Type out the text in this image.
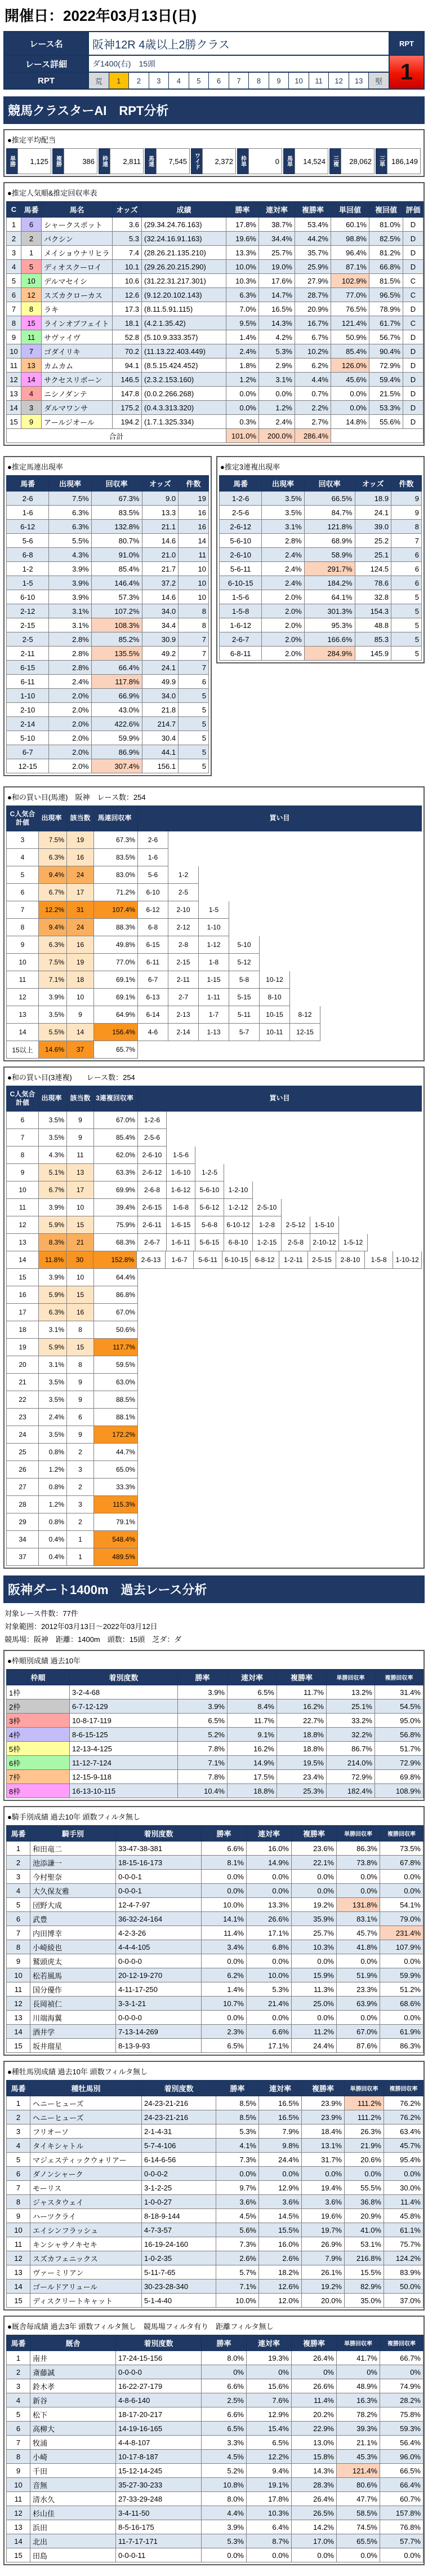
開催日：2022年03月13日(日)
レース名	阪神12R 4歳以上2勝クラス	RPT
レース詳細	ダ1400(右)　15頭	1
RPT	荒	1	2	3	4	5	6	7	8	9	10	11	12	13	堅
競馬クラスターAI　RPT分析
●推定平均配当
単勝	1,125	複勝	386	枠連	2,811	馬連	7,545	ワイド	2,372	枠単	0	馬単	14,524	三複	28,062	三単 186,149
●推定人気順&推定回収率表
C	馬番	馬名	オッズ	成績	勝率	連対率	複勝率	単回値	複回値	評価
1	6	シャークスポット	3.6	(29.34.24.76.163)	17.8%	38.7%	53.4%	60.1%	81.0%	D
2	2	バクシン	5.3	(32.24.16.91.163)	19.6%	34.4%	44.2%	98.8%	82.5%	D
3	1	メイショウナリヒラ	7.4	(28.26.21.135.210)	13.3%	25.7%	35.7%	96.4%	81.2%	D
4	5	ディオスクーロイ	10.1	(29.26.20.215.290)	10.0%	19.0%	25.9%	87.1%	66.8%	D
5	10	デルマセイシ	10.6	(31.22.31.217.301)	10.3%	17.6%	27.9%	102.9%	81.5%	C
6	12	スズカクローカス	12.6	(9.12.20.102.143)	6.3%	14.7%	28.7%	77.0%	96.5%	C
7	8	ラキ	17.3	(8.11.5.91.115)	7.0%	16.5%	20.9%	76.5%	78.9%	D
8	15	ラインオブフェイト	18.1	(4.2.1.35.42)	9.5%	14.3%	16.7%	121.4%	61.7%	C
9	11	サヴァイヴ	52.8	(5.10.9.333.357)	1.4%	4.2%	6.7%	50.9%	56.7%	D
10	7	ゴダイリキ	70.2	(11.13.22.403.449)	2.4%	5.3%	10.2%	85.4%	90.4%	D
11	13	カムカム	94.1	(8.5.15.424.452)	1.8%	2.9%	6.2%	126.0%	72.9%	D
12	14	サクセスリボーン	146.5	(2.3.2.153.160)	1.2%	3.1%	4.4%	45.6%	59.4%	D
13	4	ニシノダンテ	147.8	(0.0.2.266.268)	0.0%	0.0%	0.7%	0.0%	21.5%	D
14	3	ダルマワンサ	175.2	(0.4.3.313.320)	0.0%	1.2%	2.2%	0.0%	53.3%	D
15	9	アールジオール	194.2	(1.7.1.325.334)	0.3%	2.4%	2.7%	14.8%	55.6%	D
合計					101.0%	200.0%	286.4%			
●推定馬連出現率
馬番	出現率	回収率	オッズ	件数
2-6	7.5%	67.3%	9.0	19
1-6	6.3%	83.5%	13.3	16
6-12	6.3%	132.8%	21.1	16
5-6	5.5%	80.7%	14.6	14
6-8	4.3%	91.0%	21.0	11
1-2	3.9%	85.4%	21.7	10
1-5	3.9%	146.4%	37.2	10
6-10	3.9%	57.3%	14.6	10
2-12	3.1%	107.2%	34.0	8
2-15	3.1%	108.3%	34.4	8
2-5	2.8%	85.2%	30.9	7
2-11	2.8%	135.5%	49.2	7
6-15	2.8%	66.4%	24.1	7
6-11	2.4%	117.8%	49.9	6
1-10	2.0%	66.9%	34.0	5
2-10	2.0%	43.0%	21.8	5
2-14	2.0%	422.6%	214.7	5
5-10	2.0%	59.9%	30.4	5
6-7	2.0%	86.9%	44.1	5
12-15	2.0%	307.4%	156.1	5
●推定3連複出現率
馬番	出現率	回収率	オッズ	件数
1-2-6	3.5%	66.5%	18.9	9
2-5-6	3.5%	84.7%	24.1	9
2-6-12	3.1%	121.8%	39.0	8
5-6-10	2.8%	68.9%	25.2	7
2-6-10	2.4%	58.9%	25.1	6
5-6-11	2.4%	291.7%	124.5	6
6-10-15	2.4%	184.2%	78.6	6
1-5-6	2.0%	64.1%	32.8	5
1-5-8	2.0%	301.3%	154.3	5
1-6-12	2.0%	95.3%	48.8	5
2-6-7	2.0%	166.6%	85.3	5
6-8-11	2.0%	284.9%	145.9	5
●和の買い目(馬連)　阪神　レース数：254
C人気合計値
出現率	該当数	馬連回収率	買い目
3	7.5%	19	67.3%	2-6
4	6.3%	16	83.5%	1-6
5	9.4%	24	83.0%	5-6	1-2
6	6.7%	17	71.2%	6-10	2-5
7	12.2%	31	107.4%	6-12	2-10	1-5
8	9.4%	24	88.3%	6-8	2-12	1-10
9	6.3%	16	49.8%	6-15	2-8	1-12	5-10
10	7.5%	19	77.0%	6-11	2-15	1-8	5-12
11	7.1%	18	69.1%	6-7	2-11	1-15	5-8	10-12
12	3.9%	10	69.1%	6-13	2-7	1-11	5-15	8-10
13	3.5%	9	64.9%	6-14	2-13	1-7	5-11	10-15	8-12
14	5.5%	14	156.4%	4-6	2-14	1-13	5-7	10-11	12-15
15以上	14.6%	37	65.7%
●和の買い目(3連複)　　レース数：254
C人気合計値
出現率	該当数 3連複回収率	買い目
6	3.5%	9	67.0%	1-2-6
7	3.5%	9	85.4%	2-5-6
8	4.3%	11	62.0%	2-6-10	1-5-6
9	5.1%	13	63.3%	2-6-12	1-6-10	1-2-5
10	6.7%	17	69.9%	2-6-8	1-6-12	5-6-10	1-2-10
11	3.9%	10	39.4%	2-6-15	1-6-8	5-6-12	1-2-12	2-5-10
12	5.9%	15	75.9%	2-6-11	1-6-15	5-6-8	6-10-12	1-2-8	2-5-12	1-5-10
13	8.3%	21	68.3%	2-6-7	1-6-11	5-6-15	6-8-10	1-2-15	2-5-8	2-10-12	1-5-12
14	11.8%	30	152.8%	2-6-13	1-6-7	5-6-11	6-10-15	6-8-12	1-2-11	2-5-15	2-8-10	1-5-8	1-10-12
15	3.9%	10	64.4%
16	5.9%	15	86.8%
17	6.3%	16	67.0%
18	3.1%	8	50.6%
19	5.9%	15	117.7%
20	3.1%	8	59.5%
21	3.5%	9	63.0%
22	3.5%	9	88.5%
23	2.4%	6	88.1%
24	3.5%	9	172.2%
25	0.8%	2	44.7%
26	1.2%	3	65.0%
27	0.8%	2	33.3%
28	1.2%	3	115.3%
29	0.8%	2	79.1%
34	0.4%	1	548.4%
37	0.4%	1	489.5%
阪神ダート1400m　過去レース分析
対象レース件数：77件
対象範囲：2012年03月13日～2022年03月12日
競馬場：阪神　距離：1400m　頭数：15頭　芝ダ：ダ
●枠順別成績 過去10年
枠順	着別度数	勝率	連対率	複勝率	単勝回収率	複勝回収率
1枠	3-2-4-68	3.9%	6.5%	11.7%	13.2%	31.4%
2枠	6-7-12-129	3.9%	8.4%	16.2%	25.1%	54.5%
3枠	10-8-17-119	6.5%	11.7%	22.7%	33.2%	95.0%
4枠	8-6-15-125	5.2%	9.1%	18.8%	32.2%	56.8%
5枠	12-13-4-125	7.8%	16.2%	18.8%	86.7%	51.7%
6枠	11-12-7-124	7.1%	14.9%	19.5%	214.0%	72.9%
7枠	12-15-9-118	7.8%	17.5%	23.4%	72.9%	69.8%
8枠	16-13-10-115	10.4%	18.8%	25.3%	182.4%	108.9%
●騎手別成績 過去10年 頭数フィルタ無し
馬番	騎手別	着別度数	勝率	連対率	複勝率	単勝回収率	複勝回収率
1	和田竜二	33-47-38-381	6.6%	16.0%	23.6%	86.3%	73.5%
2	池添謙一	18-15-16-173	8.1%	14.9%	22.1%	73.8%	67.8%
3	今村聖奈	0-0-0-1	0.0%	0.0%	0.0%	0.0%	0.0%
4	大久保友雅	0-0-0-1	0.0%	0.0%	0.0%	0.0%	0.0%
5	団野大成	12-4-7-97	10.0%	13.3%	19.2%	131.8%	54.1%
6	武豊	36-32-24-164	14.1%	26.6%	35.9%	83.1%	79.0%
7	内田博幸	4-2-3-26	11.4%	17.1%	25.7%	45.7%	231.4%
8	小崎綾也	4-4-4-105	3.4%	6.8%	10.3%	41.8%	107.9%
9	鷲頭虎太	0-0-0-0	0.0%	0.0%	0.0%	0.0%	0.0%
10	松若風馬	20-12-19-270	6.2%	10.0%	15.9%	51.9%	59.9%
11	国分優作	4-11-17-250	1.4%	5.3%	11.3%	23.3%	51.2%
12	長岡禎仁	3-3-1-21	10.7%	21.4%	25.0%	63.9%	68.6%
13	川端海翼	0-0-0-0	0.0%	0.0%	0.0%	0.0%	0.0%
14	酒井学	7-13-14-269	2.3%	6.6%	11.2%	67.0%	61.9%
15	坂井瑠星	8-13-9-93	6.5%	17.1%	24.4%	87.6%	86.3%
●種牡馬別成績 過去10年 頭数フィルタ無し
馬番	種牡馬別	着別度数	勝率	連対率	複勝率	単勝回収率	複勝回収率
1	ヘニーヒューズ	24-23-21-216	8.5%	16.5%	23.9%	111.2%	76.2%
2	ヘニーヒューズ	24-23-21-216	8.5%	16.5%	23.9%	111.2%	76.2%
3	フリオーソ	2-1-4-31	5.3%	7.9%	18.4%	26.3%	63.4%
4	タイキシャトル	5-7-4-106	4.1%	9.8%	13.1%	21.9%	45.7%
5	マジェスティックウォリアー	6-14-6-56	7.3%	24.4%	31.7%	20.6%	95.4%
6	ダノンシャーク	0-0-0-2	0.0%	0.0%	0.0%	0.0%	0.0%
7	モーリス	3-1-2-25	9.7%	12.9%	19.4%	55.5%	30.0%
8	ジャスタウェイ	1-0-0-27	3.6%	3.6%	3.6%	36.8%	11.4%
9	ハーツクライ	8-18-9-144	4.5%	14.5%	19.6%	20.9%	45.8%
10	エイシンフラッシュ	4-7-3-57	5.6%	15.5%	19.7%	41.0%	61.1%
11	キンシャサノキセキ	16-19-24-160	7.3%	16.0%	26.9%	53.1%	75.7%
12	スズカフェニックス	1-0-2-35	2.6%	2.6%	7.9%	216.8%	124.2%
13	ヴァーミリアン	5-11-7-65	5.7%	18.2%	26.1%	15.5%	83.9%
14	ゴールドアリュール	30-23-28-340	7.1%	12.6%	19.2%	82.9%	50.0%
15	ディスクリートキャット	5-1-4-40	10.0%	12.0%	20.0%	35.0%	37.0%
●厩舎毎成績 過去3年 頭数フィルタ無し　競馬場フィルタ有り　距離フィルタ無し
馬番	厩舎	着別度数	勝率	連対率	複勝率	単勝回収率	複勝回収率
1	南井	17-24-15-156	8.0%	19.3%	26.4%	41.7%	66.7%
2	斎藤誠	0-0-0-0	0%	0%	0%	0%	0%
3	鈴木孝	16-22-27-179	6.6%	15.6%	26.6%	48.9%	74.9%
4	新谷	4-8-6-140	2.5%	7.6%	11.4%	16.3%	28.2%
5	松下	18-17-20-217	6.6%	12.9%	20.2%	78.2%	75.8%
6	高柳大	14-19-16-165	6.5%	15.4%	22.9%	39.3%	59.3%
7	牧浦	4-4-8-107	3.3%	6.5%	13.0%	21.1%	56.4%
8	小崎	10-17-8-187	4.5%	12.2%	15.8%	45.3%	96.0%
9	千田	15-12-14-245	5.2%	9.4%	14.3%	121.4%	66.5%
10	音無	35-27-30-233	10.8%	19.1%	28.3%	80.6%	66.4%
11	清水久	27-33-29-248	8.0%	17.8%	26.4%	47.7%	60.7%
12	杉山佳	3-4-11-50	4.4%	10.3%	26.5%	58.5%	157.8%
13	浜田	8-5-16-175	3.9%	6.4%	14.2%	74.5%	76.8%
14	北出	11-7-17-171	5.3%	8.7%	17.0%	65.5%	57.7%
15	田島	0-0-0-11	0.0%	0.0%	0.0%	0.0%	0.0%
